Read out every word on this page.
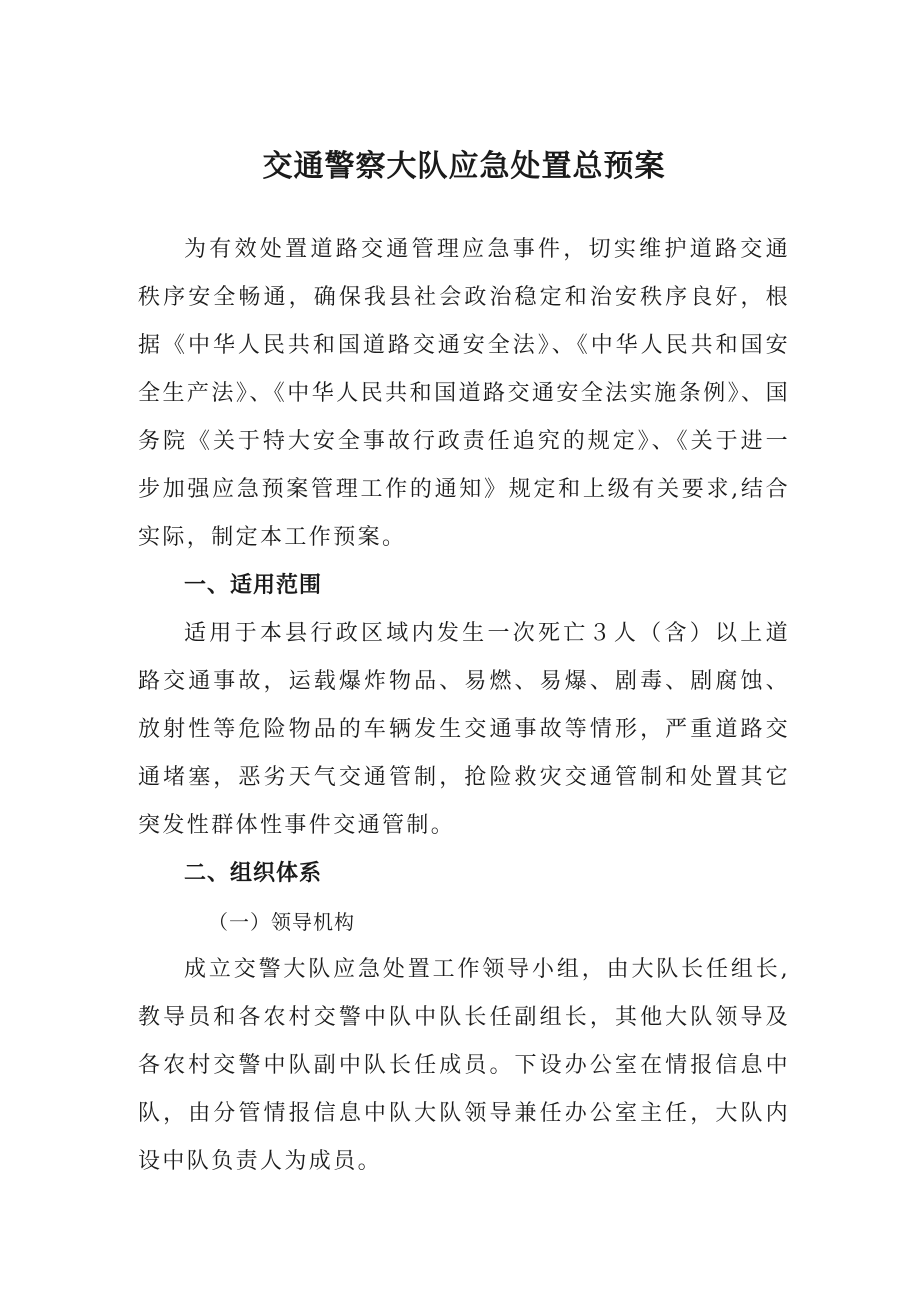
交通警察大队应急处置总预案

为有效处置道路交通管理应急事件，切实维护道路交通秩序安全畅通，确保我县社会政治稳定和治安秩序良好，根据《中华人民共和国道路交通安全法》、《中华人民共和国安全生产法》、《中华人民共和国道路交通安全法实施条例》、国务院《关于特大安全事故行政责任追究的规定》、《关于进一步加强应急预案管理工作的通知》规定和上级有关要求,结合实际，制定本工作预案。

一、适用范围

适用于本县行政区域内发生一次死亡３人（含）以上道路交通事故，运载爆炸物品、易燃、易爆、剧毒、剧腐蚀、放射性等危险物品的车辆发生交通事故等情形，严重道路交通堵塞，恶劣天气交通管制，抢险救灾交通管制和处置其它突发性群体性事件交通管制。

二、组织体系

（一）领导机构

成立交警大队应急处置工作领导小组，由大队长任组长,教导员和各农村交警中队中队长任副组长，其他大队领导及各农村交警中队副中队长任成员。下设办公室在情报信息中队，由分管情报信息中队大队领导兼任办公室主任，大队内设中队负责人为成员。
